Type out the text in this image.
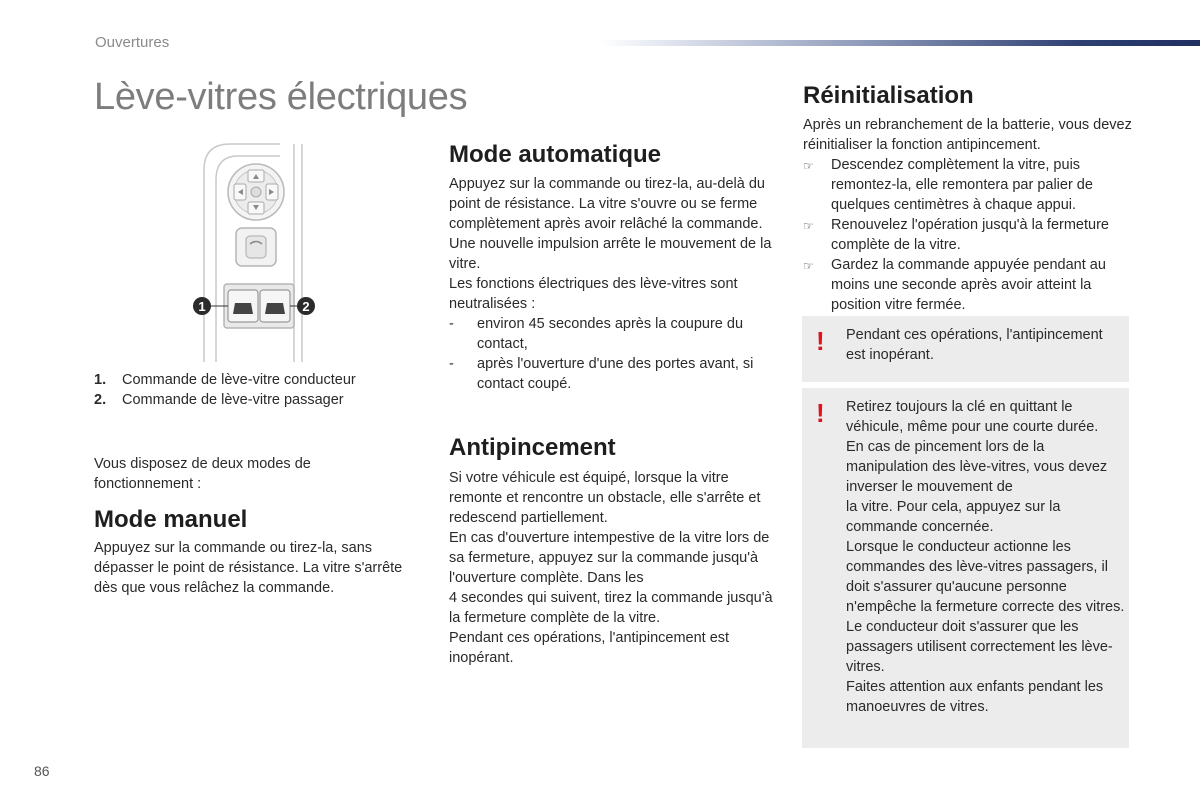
Ouvertures
Lève-vitres électriques
1	2
1.	Commande de lève-vitre conducteur
2.	Commande de lève-vitre passager

Vous disposez de deux modes de fonctionnement :

Mode manuel

Appuyez sur la commande ou tirez-la, sans dépasser le point de résistance. La vitre s'arrête dès que vous relâchez la commande.

Mode automatique

Appuyez sur la commande ou tirez-la, au-delà du point de résistance. La vitre s'ouvre ou se ferme complètement après avoir relâché la commande. Une nouvelle impulsion arrête le mouvement de la vitre.

Les fonctions électriques des lève-vitres sont neutralisées :

-	environ 45 secondes après la coupure du contact,
-	après l'ouverture d'une des portes avant, si contact coupé.
Antipincement

Si votre véhicule est équipé, lorsque la vitre remonte et rencontre un obstacle, elle s'arrête et redescend partiellement.

En cas d'ouverture intempestive de la vitre lors de sa fermeture, appuyez sur la commande jusqu'à l'ouverture complète. Dans les

4 secondes qui suivent, tirez la commande jusqu'à la fermeture complète de la vitre.

Pendant ces opérations, l'antipincement est inopérant.

Réinitialisation

Après un rebranchement de la batterie, vous devez réinitialiser la fonction antipincement.

☞	Descendez complètement la vitre, puis remontez-la, elle remontera par palier de quelques centimètres à chaque appui.
☞	Renouvelez l'opération jusqu'à la fermeture complète de la vitre.
☞	Gardez la commande appuyée pendant au moins une seconde après avoir atteint la position vitre fermée.
! Pendant ces opérations, l'antipincement est inopérant.

! Retirez toujours la clé en quittant le véhicule, même pour une courte durée.

En cas de pincement lors de la manipulation des lève-vitres, vous devez inverser le mouvement de

la vitre. Pour cela, appuyez sur la commande concernée.

Lorsque le conducteur actionne les commandes des lève-vitres passagers, il doit s'assurer qu'aucune personne n'empêche la fermeture correcte des vitres.

Le conducteur doit s'assurer que les passagers utilisent correctement les lève-vitres.

Faites attention aux enfants pendant les manoeuvres de vitres.

86
